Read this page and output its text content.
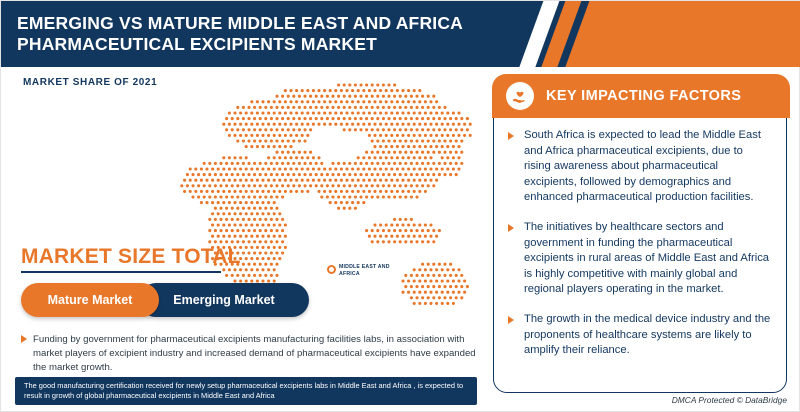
EMERGING VS MATURE MIDDLE EAST AND AFRICA PHARMACEUTICAL EXCIPIENTS MARKET
MARKET SHARE OF 2021
MIDDLE EAST AND AFRICA
MARKET SIZE TOTAL
Mature Market	Emerging Market
Funding by government for pharmaceutical excipients manufacturing facilities labs, in association with market players of excipient industry and increased demand of pharmaceutical excipients have expanded the market growth.
The good manufacturing certification received for newly setup pharmaceutical excipients labs in Middle East and Africa , is expected to result in growth of global pharmaceutical excipients in Middle East and Africa
KEY IMPACTING FACTORS
South Africa is expected to lead the Middle East and Africa pharmaceutical excipients, due to rising awareness about pharmaceutical excipients, followed by demographics and enhanced pharmaceutical production facilities.
The initiatives by healthcare sectors and government in funding the pharmaceutical excipients in rural areas of Middle East and Africa is highly competitive with mainly global and regional players operating in the market.
The growth in the medical device industry and the proponents of healthcare systems are likely to amplify their reliance.
DMCA Protected © DataBridge
